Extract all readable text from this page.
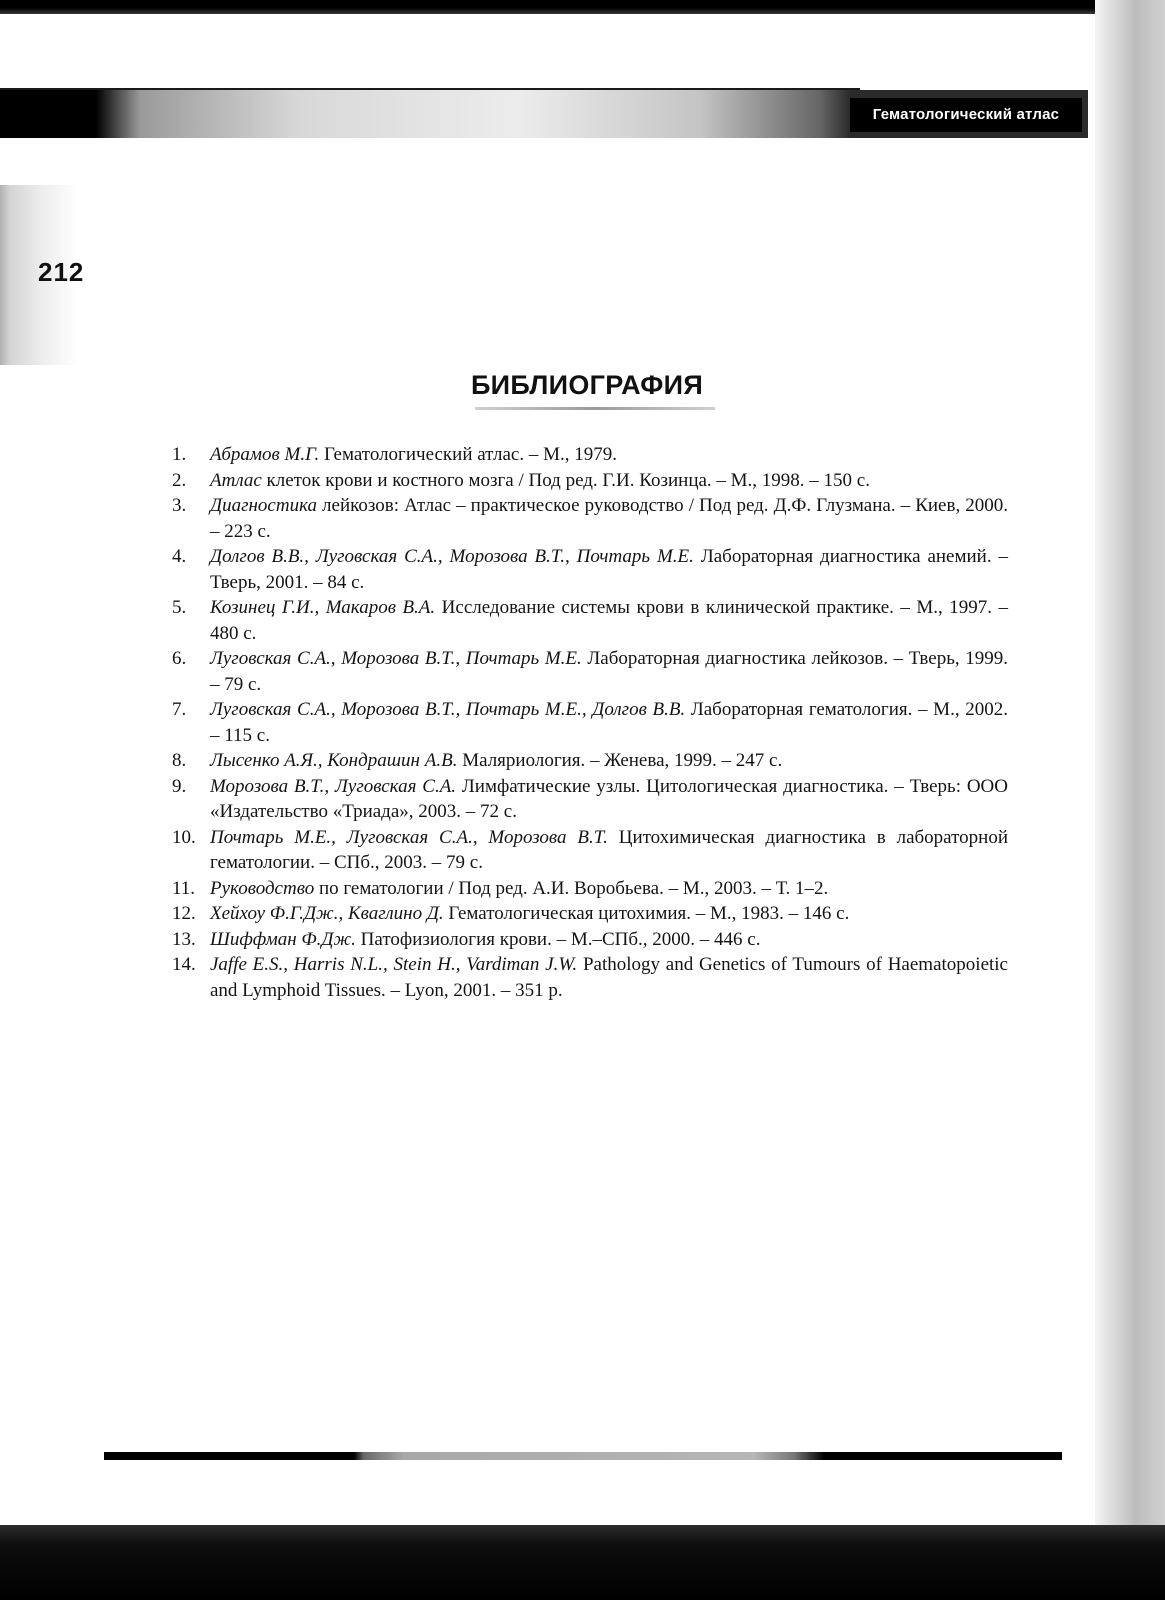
Гематологический атлас
212
БИБЛИОГРАФИЯ
1.	Абрамов М.Г. Гематологический атлас. – М., 1979.
2.	Атлас клеток крови и костного мозга / Под ред. Г.И. Козинца. – М., 1998. – 150 с.
3.	Диагностика лейкозов: Атлас – практическое руководство / Под ред. Д.Ф. Глузмана. – Киев, 2000. – 223 с.
4.	Долгов В.В., Луговская С.А., Морозова В.Т., Почтарь М.Е. Лабораторная диагностика анемий. – Тверь, 2001. – 84 с.
5.	Козинец Г.И., Макаров В.А. Исследование системы крови в клинической практике. – М., 1997. – 480 с.
6.	Луговская С.А., Морозова В.Т., Почтарь М.Е. Лабораторная диагностика лейкозов. – Тверь, 1999. – 79 с.
7.	Луговская С.А., Морозова В.Т., Почтарь М.Е., Долгов В.В. Лабораторная гематология. – М., 2002. – 115 с.
8.	Лысенко А.Я., Кондрашин А.В. Маляриология. – Женева, 1999. – 247 с.
9.	Морозова В.Т., Луговская С.А. Лимфатические узлы. Цитологическая диагностика. – Тверь: ООО «Издательство «Триада», 2003. – 72 с.
10. Почтарь М.Е., Луговская С.А., Морозова В.Т. Цитохимическая диагностика в лабораторной гематологии. – СПб., 2003. – 79 с.
11. Руководство по гематологии / Под ред. А.И. Воробьева. – М., 2003. – Т. 1–2.
12. Хейхоу Ф.Г.Дж., Кваглино Д. Гематологическая цитохимия. – М., 1983. – 146 с.
13. Шиффман Ф.Дж. Патофизиология крови. – М.–СПб., 2000. – 446 с.
14. Jaffe E.S., Harris N.L., Stein H., Vardiman J.W. Pathology and Genetics of Tumours of Haematopoietic and Lymphoid Tissues. – Lyon, 2001. – 351 p.
